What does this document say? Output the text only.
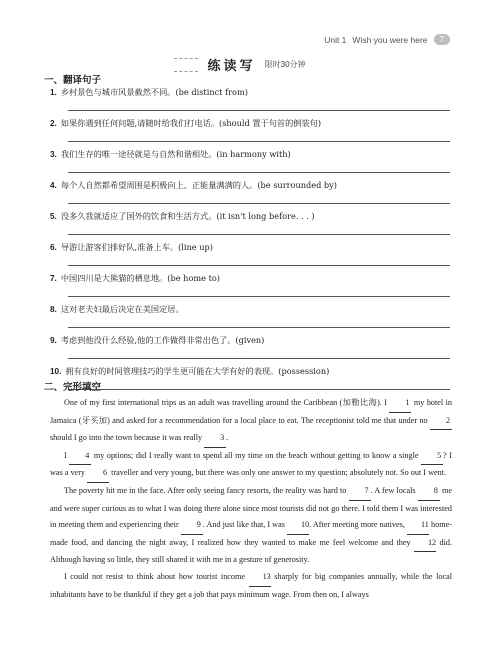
Unit 1 Wish you were here	7
练读写 限时30分钟
一、翻译句子
1. 乡村景色与城市风景截然不同。(be distinct from)
2. 如果你遇到任何问题,请随时给我们打电话。(should 置于句首的倒装句)
3. 我们生存的唯一途径就是与自然和谐相处。(in harmony with)
4. 每个人自然都希望周围是积极向上、正能量满满的人。(be surrounded by)
5. 没多久我就适应了国外的饮食和生活方式。(it isn't long before. . . )
6. 导游让游客们排好队,准备上车。(line up)
7. 中国四川是大熊猫的栖息地。(be home to)
8. 这对老夫妇最后决定在美国定居。
9. 考虑到他没什么经验,他的工作做得非常出色了。(given)
10. 拥有良好的时间管理技巧的学生更可能在大学有好的表现。(possession)
二、完形填空

One of my first international trips as an adult was travelling around the Caribbean (加勒比海). I 1 my hotel in Jamaica (牙买加) and asked for a recommendation for a local place to eat. The receptionist told me that under no 2 should I go into the town because it was really 3 .

I 4 my options; did I really want to spend all my time on the beach without getting to know a single 5 ? I was a very 6 traveller and very young, but there was only one answer to my question; absolutely not. So out I went.

The poverty hit me in the face. After only seeing fancy resorts, the reality was hard to 7 . A few locals 8 me and were super curious as to what I was doing there alone since most tourists did not go there. I told them I was interested in meeting them and experiencing their 9 . And just like that, I was 10. After meeting more natives, 11 home-made food, and dancing the night away, I realized how they wanted to make me feel welcome and they 12 did. Although having so little, they still shared it with me in a gesture of generosity.

I could not resist to think about how tourist income 13 sharply for big companies annually, while the local inhabitants have to be thankful if they get a job that pays minimum wage. From then on, I always
